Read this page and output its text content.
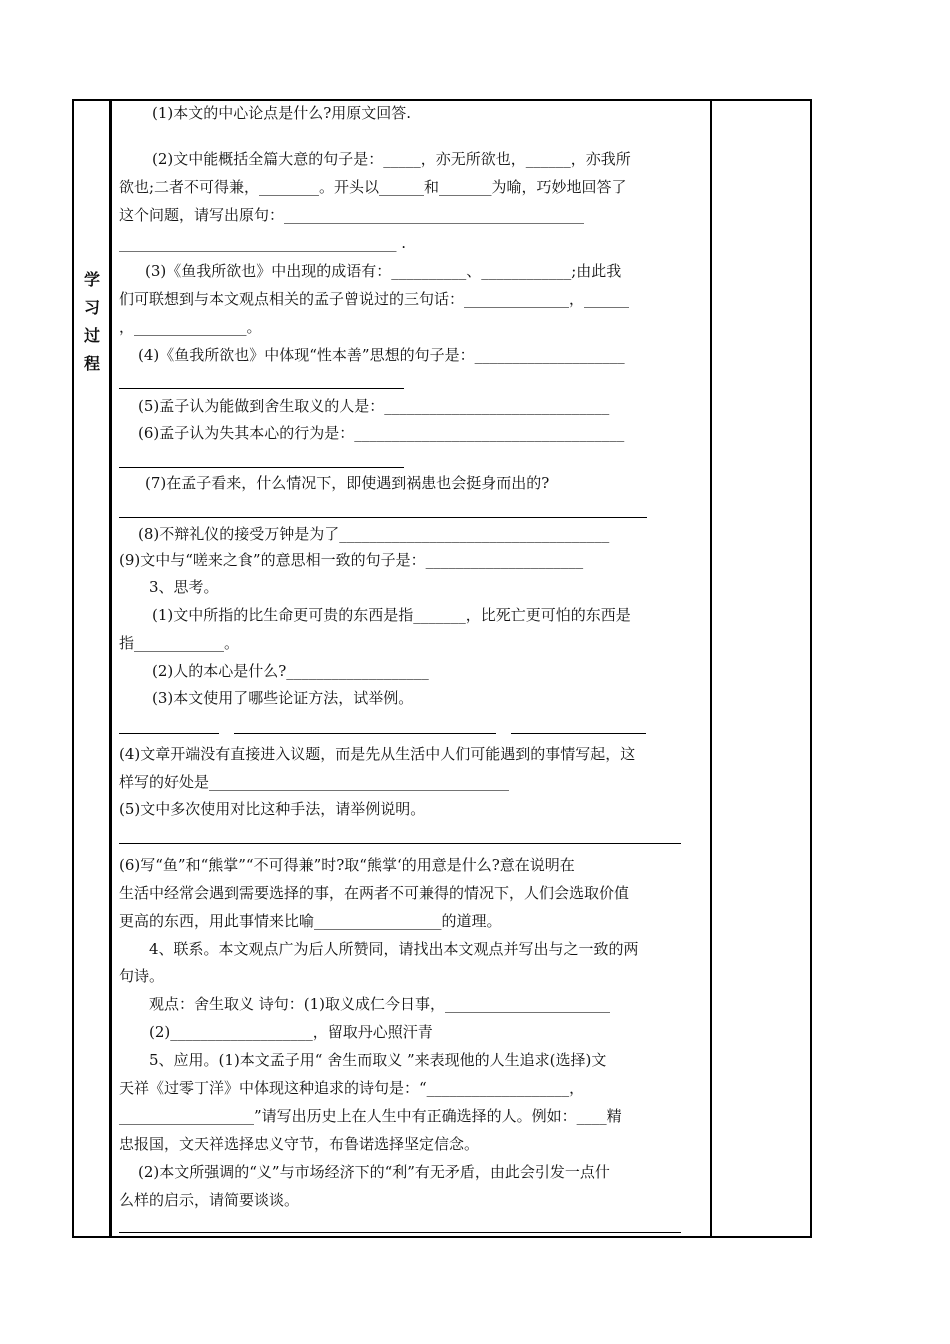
学
习
过
程
(1)本文的中心论点是什么?用原文回答.
(2)文中能概括全篇大意的句子是：_____，亦无所欲也，______，亦我所
欲也;二者不可得兼，________。开头以______和_______为喻，巧妙地回答了
这个问题，请写出原句：________________________________________
_____________________________________ .
(3)《鱼我所欲也》中出现的成语有：__________、____________;由此我
们可联想到与本文观点相关的孟子曾说过的三句话：______________，______
，_______________。
(4)《鱼我所欲也》中体现“性本善”思想的句子是：____________________
(5)孟子认为能做到舍生取义的人是：______________________________
(6)孟子认为失其本心的行为是：____________________________________
(7)在孟子看来，什么情况下，即使遇到祸患也会挺身而出的?
(8)不辩礼仪的接受万钟是为了____________________________________
(9)文中与“嗟来之食”的意思相一致的句子是：_____________________
3、思考。
(1)文中所指的比生命更可贵的东西是指_______，比死亡更可怕的东西是
指____________。
(2)人的本心是什么?___________________
(3)本文使用了哪些论证方法，试举例。
(4)文章开端没有直接进入议题，而是先从生活中人们可能遇到的事情写起，这
样写的好处是________________________________________
(5)文中多次使用对比这种手法，请举例说明。
(6)写“鱼”和“熊掌”“不可得兼”时?取“熊掌‘的用意是什么?意在说明在
生活中经常会遇到需要选择的事，在两者不可兼得的情况下，人们会选取价值
更高的东西，用此事情来比喻_________________的道理。
4、联系。本文观点广为后人所赞同，请找出本文观点并写出与之一致的两
句诗。
观点：舍生取义 诗句：(1)取义成仁今日事，______________________
(2)___________________，留取丹心照汗青
5、应用。(1)本文孟子用“ 舍生而取义 ”来表现他的人生追求(选择)文
天祥《过零丁洋》中体现这种追求的诗句是：“___________________，
__________________”请写出历史上在人生中有正确选择的人。例如：____精
忠报国，文天祥选择忠义守节，布鲁诺选择坚定信念。
(2)本文所强调的“义”与市场经济下的“利”有无矛盾，由此会引发一点什
么样的启示，请简要谈谈。
